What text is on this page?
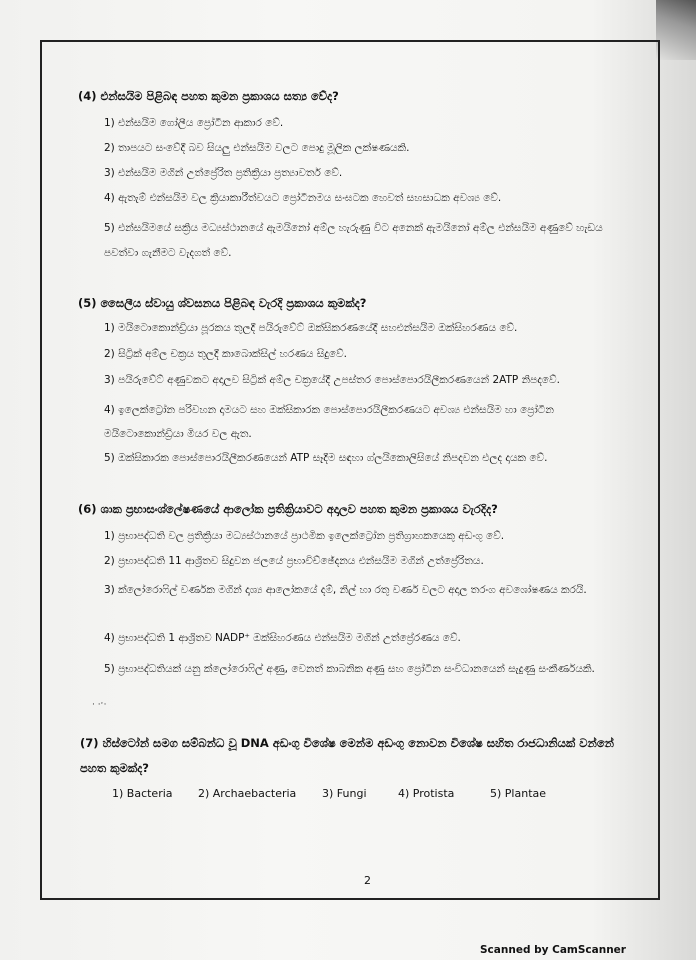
(4) එන්සයිම පිළිබඳ පහත කුමන ප්‍රකාශය සත්‍ය වේද?
1) එන්සයිම ගෝලීය ප්‍රෝටීන ආකාර වේ.
2) තාපයට සංවේදී බව සියලු එන්සයිම වලට පොදු මූලික ලක්ෂණයකි.
3) එන්සයිම මගින් උත්ප්‍රේරිත ප්‍රතික්‍රියා ප්‍රත්‍යාවර්ත වේ.
4) ඇතැම් එන්සයිම වල ක්‍රියාකාරීත්වයට ප්‍රෝටීනමය සංඝටක හෙවත් සහසාධක අවශ්‍ය වේ.
5) එන්සයිමයේ සක්‍රිය මධ්‍යස්ථානයේ ඇමයිනෝ අම්ල හැරුණු විට අනෙක් ඇමයිනෝ අම්ල එන්සයිම අණුවේ හැඩය පවත්වා ගැනීමට වැදගත් වේ.
(5) සෛලීය ස්වායු ශ්වසනය පිළිබඳ වැරදි ප්‍රකාශය කුමක්ද?
1) මයිටොකොන්ඩ්‍රියා පූරකය තුලදී පයිරුවේට් ඔක්සිකරණයේදී සහඑන්සයිම ඔක්සිහරණය වේ.
2) සිට්‍රික් අම්ල චක්‍රය තුලදී කාබොක්සිල් හරණය සිදුවේ.
3) පයිරුවේට් අණුවකට අදාලව සිට්‍රික් අම්ල චක්‍රයේදී උපස්තර පොස්පොරයිලීකරණයෙන් 2ATP නිපදවේ.
4) ඉලෙක්ට්‍රෝන පරිවහන දාමයට සහ ඔක්සිකාරක පොස්පොරයිලීකරණයට අවශ්‍ය එන්සයිම හා ප්‍රෝටීන මයිටොකොන්ඩ්‍රියා මියර වල ඇත.
5) ඔක්සිකාරක පොස්පොරයිලීකරණයෙන් ATP සෑදීම සඳහා ග්ලයිකොලිසියේ නිපදවන එලද දායක වේ.
(6) ශාක ප්‍රභාසංශ්ලේෂණයේ ආලෝක ප්‍රතික්‍රියාවට අදාලව පහත කුමන ප්‍රකාශය වැරදිද?
1) ප්‍රභාපද්ධති වල ප්‍රතික්‍රියා මධ්‍යස්ථානයේ ප්‍රාථමික ඉලෙක්ට්‍රෝන ප්‍රතිග්‍රාහකයෙකු අඩංගු වේ.
2) ප්‍රභාපද්ධති 11 ආශ්‍රිතව සිදුවන ජලයේ ප්‍රභාවිච්ඡේදනය එන්සයිම මගින් උත්ප්‍රේරිතය.
3) ක්ලෝරොෆිල් වර්ණක මගින් දෘශ්‍ය ආලෝකයේ දම්, නිල් හා රතු වර්ණ වලට අදාල තරංග අවශෝෂණය කරයි.
4) ප්‍රභාපද්ධති 1 ආශ්‍රිතව NADP⁺ ඔක්සිහරණය එන්සයිම මගින් උත්ප්‍රේරණය වේ.
5) ප්‍රභාපද්ධතියක් යනු ක්ලෝරොෆිල් අණු, වෙනත් කාබනික අණු සහ ප්‍රෝටීන සංවිධානයෙන් සැදුණු සංකීර්ණයකි.
· ·ˑ·
(7) හිස්ටෝන් සමග සම්බන්ධ වූ DNA අඩංගු විශේෂ මෙන්ම අඩංගු නොවන විශේෂ සහිත රාජධානියක් වන්නේ පහත කුමක්ද?
1) Bacteria 2) Archaebacteria 3) Fungi	4) Protista	5) Plantae
2
Scanned by CamScanner
